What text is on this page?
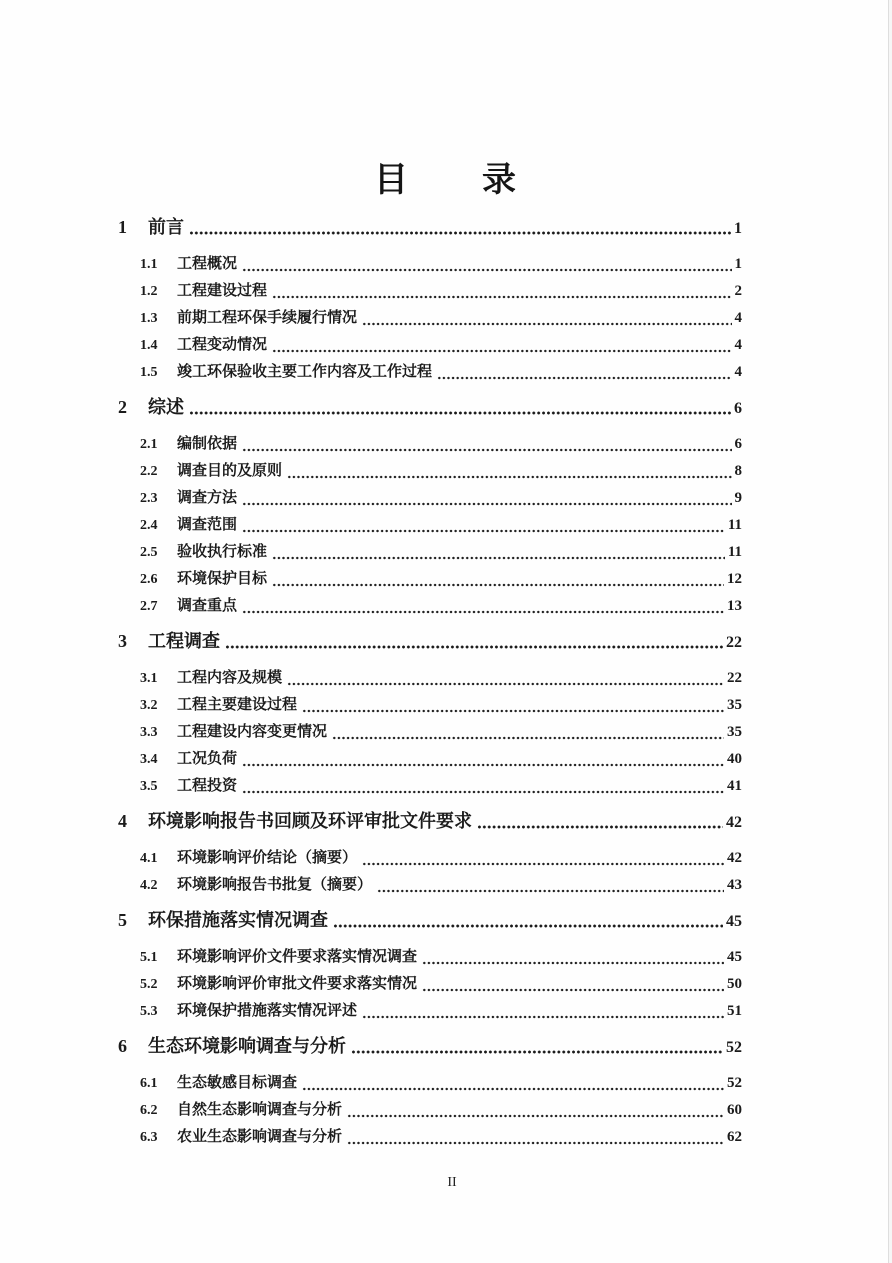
目　　录
1	前言	1
1.1	工程概况	1
1.2	工程建设过程	2
1.3	前期工程环保手续履行情况	4
1.4	工程变动情况	4
1.5	竣工环保验收主要工作内容及工作过程	4
2	综述	6
2.1	编制依据	6
2.2	调查目的及原则	8
2.3	调查方法	9
2.4	调查范围	11
2.5	验收执行标准	11
2.6	环境保护目标	12
2.7	调查重点	13
3	工程调查	22
3.1	工程内容及规模	22
3.2	工程主要建设过程	35
3.3	工程建设内容变更情况	35
3.4	工况负荷	40
3.5	工程投资	41
4	环境影响报告书回顾及环评审批文件要求	42
4.1	环境影响评价结论（摘要）	42
4.2	环境影响报告书批复（摘要）	43
5	环保措施落实情况调查	45
5.1	环境影响评价文件要求落实情况调查	45
5.2	环境影响评价审批文件要求落实情况	50
5.3	环境保护措施落实情况评述	51
6	生态环境影响调查与分析	52
6.1	生态敏感目标调查	52
6.2	自然生态影响调查与分析	60
6.3	农业生态影响调查与分析	62
II
